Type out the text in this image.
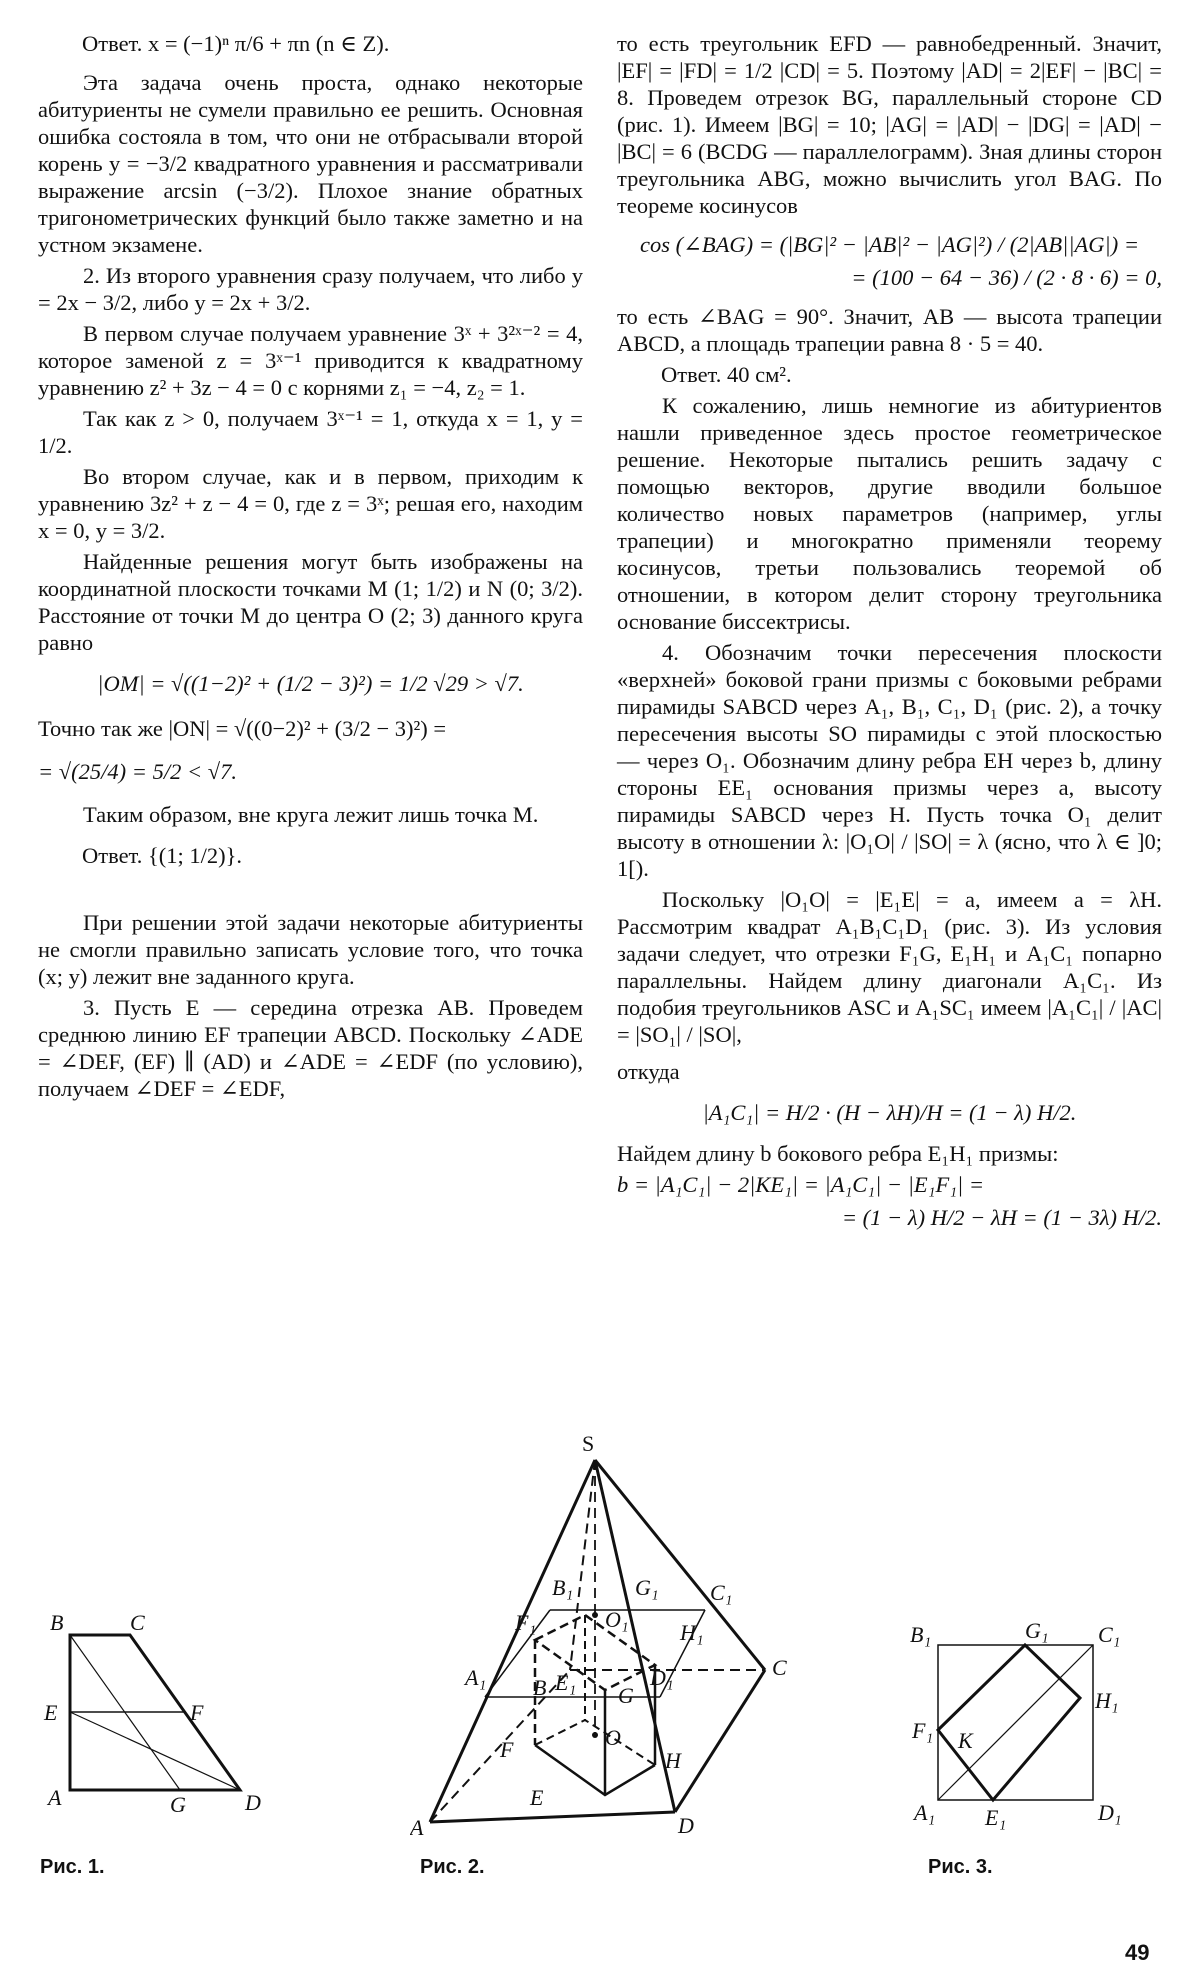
Ответ. x = (−1)ⁿ π/6 + πn (n ∈ Z).

Эта задача очень проста, однако некоторые абитуриенты не сумели правильно ее решить. Основная ошибка состояла в том, что они не отбрасывали второй корень y = −3/2 квадратного уравнения и рассматривали выражение arcsin (−3/2). Плохое знание обратных тригонометрических функций было также заметно и на устном экзамене.

2. Из второго уравнения сразу получаем, что либо y = 2x − 3/2, либо y = 2x + 3/2.

В первом случае получаем уравнение 3ˣ + 3²ˣ⁻² = 4, которое заменой z = 3ˣ⁻¹ приводится к квадратному уравнению z² + 3z − 4 = 0 с корнями z₁ = −4, z₂ = 1.

Так как z > 0, получаем 3ˣ⁻¹ = 1, откуда x = 1, y = 1/2.

Во втором случае, как и в первом, приходим к уравнению 3z² + z − 4 = 0, где z = 3ˣ; решая его, находим x = 0, y = 3/2.

Найденные решения могут быть изображены на координатной плоскости точками M (1; 1/2) и N (0; 3/2). Расстояние от точки M до центра O (2; 3) данного круга равно

|OM| = √((1−2)² + (1/2 − 3)²) = 1/2 √29 > √7.

Точно так же |ON| = √((0−2)² + (3/2 − 3)²) =

= √(25/4) = 5/2 < √7.

Таким образом, вне круга лежит лишь точка M.

Ответ. {(1; 1/2)}.

При решении этой задачи некоторые абитуриенты не смогли правильно записать условие того, что точка (x; y) лежит вне заданного круга.

3. Пусть E — середина отрезка AB. Проведем среднюю линию EF трапеции ABCD. Поскольку ∠ADE = ∠DEF, (EF) ∥ (AD) и ∠ADE = ∠EDF (по условию), получаем ∠DEF = ∠EDF,

то есть треугольник EFD — равнобедренный. Значит, |EF| = |FD| = 1/2 |CD| = 5. Поэтому |AD| = 2|EF| − |BC| = 8. Проведем отрезок BG, параллельный стороне CD (рис. 1). Имеем |BG| = 10; |AG| = |AD| − |DG| = |AD| − |BC| = 6 (BCDG — параллелограмм). Зная длины сторон треугольника ABG, можно вычислить угол BAG. По теореме косинусов

cos (∠BAG) = (|BG|² − |AB|² − |AG|²) / (2|AB||AG|) =

= (100 − 64 − 36) / (2 · 8 · 6) = 0,

то есть ∠BAG = 90°. Значит, AB — высота трапеции ABCD, а площадь трапеции равна 8 · 5 = 40.

Ответ. 40 см².

К сожалению, лишь немногие из абитуриентов нашли приведенное здесь простое геометрическое решение. Некоторые пытались решить задачу с помощью векторов, другие вводили большое количество новых параметров (например, углы трапеции) и многократно применяли теорему косинусов, третьи пользовались теоремой об отношении, в котором делит сторону треугольника основание биссектрисы.

4. Обозначим точки пересечения плоскости «верхней» боковой грани призмы с боковыми ребрами пирамиды SABCD через A₁, B₁, C₁, D₁ (рис. 2), а точку пересечения высоты SO пирамиды с этой плоскостью — через O₁. Обозначим длину ребра EH через b, длину стороны EE₁ основания призмы через a, высоту пирамиды SABCD через H. Пусть точка O₁ делит высоту в отношении λ: |O₁O| / |SO| = λ (ясно, что λ ∈ ]0; 1[).

Поскольку |O₁O| = |E₁E| = a, имеем a = λH. Рассмотрим квадрат A₁B₁C₁D₁ (рис. 3). Из условия задачи следует, что отрезки F₁G, E₁H₁ и A₁C₁ попарно параллельны. Найдем длину диагонали A₁C₁. Из подобия треугольников ASC и A₁SC₁ имеем |A₁C₁| / |AC| = |SO₁| / |SO|,

откуда

|A₁C₁| = H/2 · (H − λH)/H = (1 − λ) H/2.

Найдем длину b бокового ребра E₁H₁ призмы:

b = |A₁C₁| − 2|KE₁| = |A₁C₁| − |E₁F₁| =

= (1 − λ) H/2 − λH = (1 − 3λ) H/2.

B	C
E	F
A	G	D
Рис. 1.
S
B₁	G₁ C₁
F₁	O₁
H₁
A₁	E₁	D₁
B	G
C
F	O
H
E
A	D
Рис. 2.
B₁	G₁ C₁
H₁
F₁ K
A₁ E₁	D₁
Рис. 3.
49
